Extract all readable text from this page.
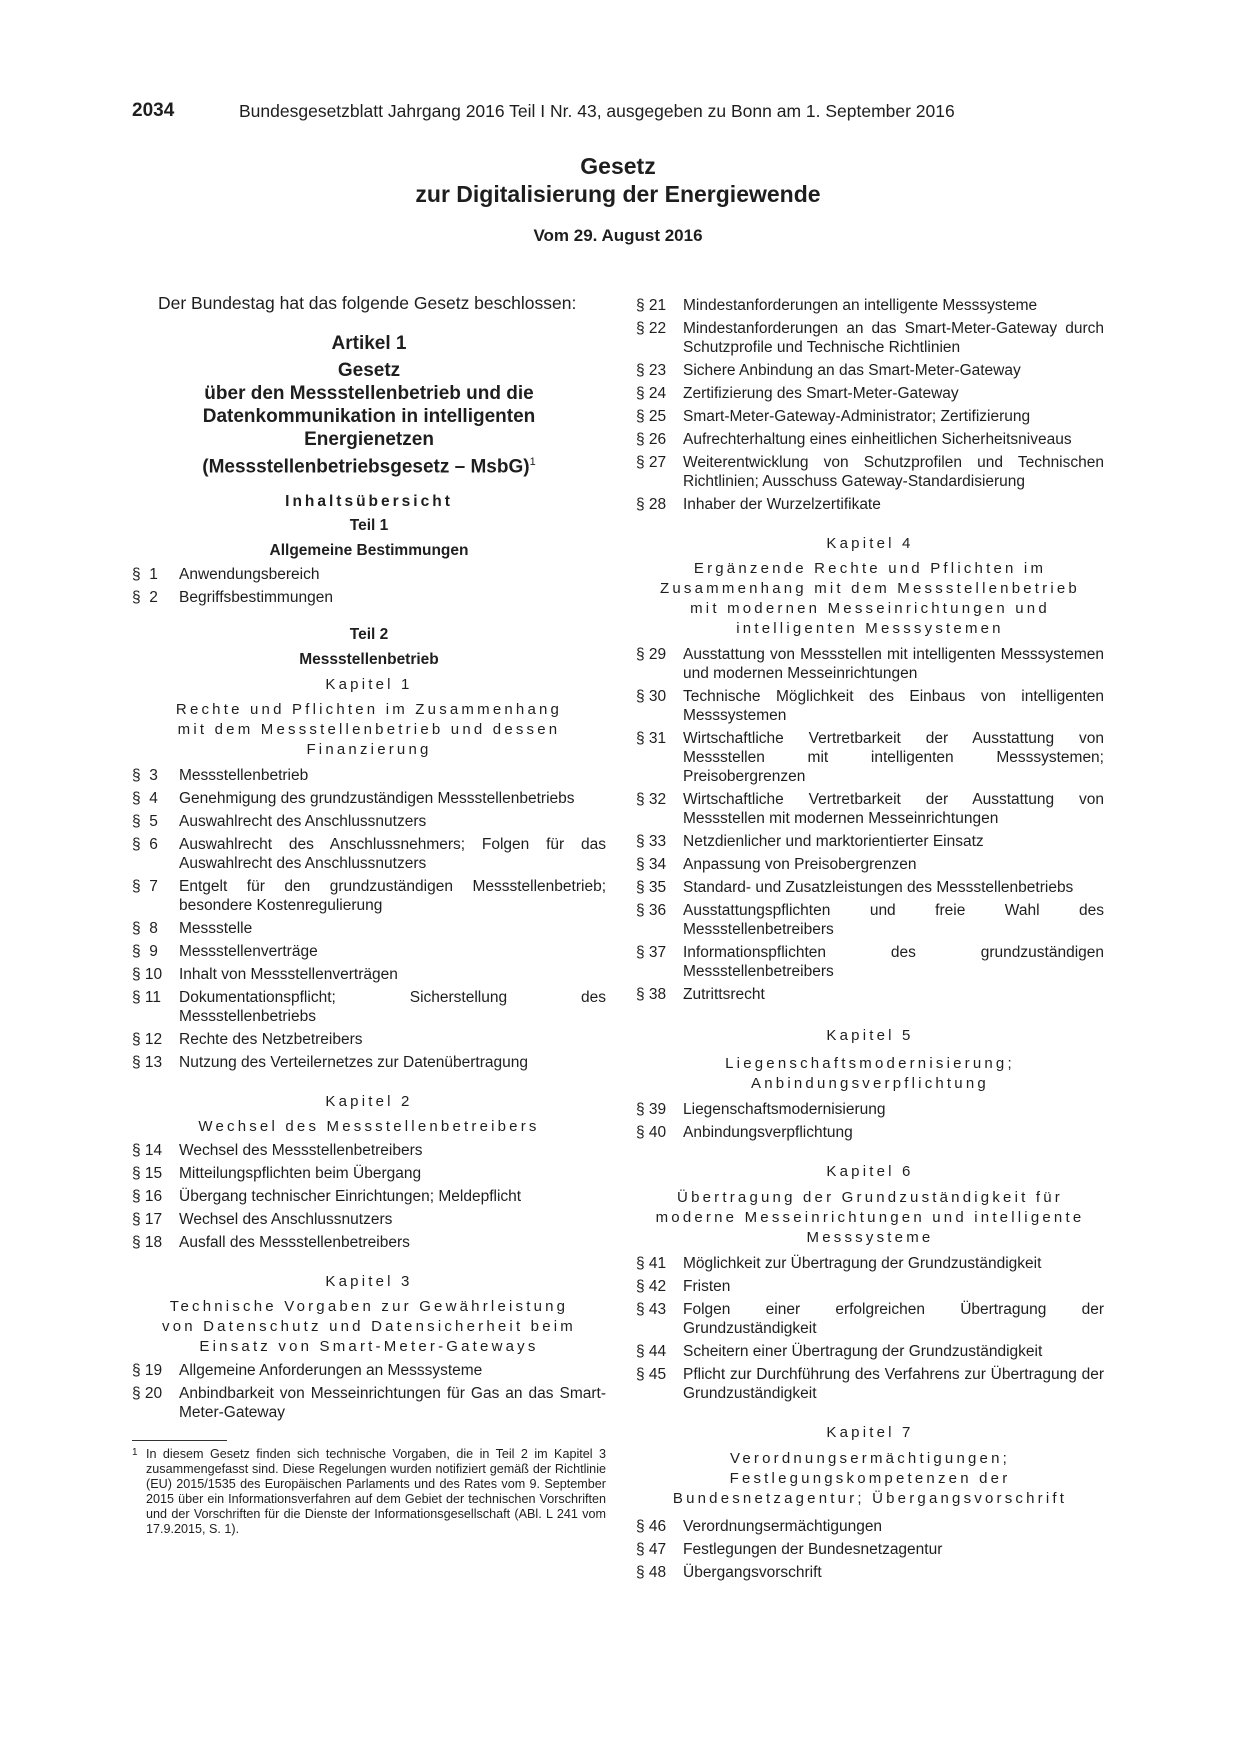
2034	Bundesgesetzblatt Jahrgang 2016 Teil I Nr. 43, ausgegeben zu Bonn am 1. September 2016
Gesetz
zur Digitalisierung der Energiewende
Vom 29. August 2016

Der Bundestag hat das folgende Gesetz beschlossen:

Artikel 1
Gesetz
über den Messstellenbetrieb und die Datenkommunikation in intelligenten Energienetzen
(Messstellenbetriebsgesetz – MsbG)$^1$
Inhaltsübersicht
Teil 1
Allgemeine Bestimmungen
§  1	Anwendungsbereich
§  2	Begriffsbestimmungen
Teil 2
Messstellenbetrieb
Kapitel 1
Rechte und Pflichten im Zusammenhang mit dem Messstellenbetrieb und dessen Finanzierung
§  3	Messstellenbetrieb
§  4	Genehmigung des grundzuständigen Messstellenbetriebs
§  5	Auswahlrecht des Anschlussnutzers
§  6	Auswahlrecht des Anschlussnehmers; Folgen für das Auswahlrecht des Anschlussnutzers
§  7	Entgelt für den grundzuständigen Messstellenbetrieb; besondere Kostenregulierung
§  8	Messstelle
§  9	Messstellenverträge
§ 10	Inhalt von Messstellenverträgen
§ 11	Dokumentationspflicht; Sicherstellung des Messstellenbetriebs
§ 12	Rechte des Netzbetreibers
§ 13	Nutzung des Verteilernetzes zur Datenübertragung
Kapitel 2
Wechsel des Messstellenbetreibers
§ 14	Wechsel des Messstellenbetreibers
§ 15	Mitteilungspflichten beim Übergang
§ 16	Übergang technischer Einrichtungen; Meldepflicht
§ 17	Wechsel des Anschlussnutzers
§ 18	Ausfall des Messstellenbetreibers
Kapitel 3
Technische Vorgaben zur Gewährleistung von Datenschutz und Datensicherheit beim Einsatz von Smart-Meter-Gateways
§ 19	Allgemeine Anforderungen an Messsysteme
§ 20	Anbindbarkeit von Messeinrichtungen für Gas an das Smart-Meter-Gateway
1 In diesem Gesetz finden sich technische Vorgaben, die in Teil 2 im Kapitel 3 zusammengefasst sind. Diese Regelungen wurden notifiziert gemäß der Richtlinie (EU) 2015/1535 des Europäischen Parlaments und des Rates vom 9. September 2015 über ein Informationsverfahren auf dem Gebiet der technischen Vorschriften und der Vorschriften für die Dienste der Informationsgesellschaft (ABl. L 241 vom 17.9.2015, S. 1).
§ 21	Mindestanforderungen an intelligente Messsysteme
§ 22	Mindestanforderungen an das Smart-Meter-Gateway durch Schutzprofile und Technische Richtlinien
§ 23	Sichere Anbindung an das Smart-Meter-Gateway
§ 24	Zertifizierung des Smart-Meter-Gateway
§ 25	Smart-Meter-Gateway-Administrator; Zertifizierung
§ 26	Aufrechterhaltung eines einheitlichen Sicherheitsniveaus
§ 27	Weiterentwicklung von Schutzprofilen und Technischen Richtlinien; Ausschuss Gateway-Standardisierung
§ 28	Inhaber der Wurzelzertifikate
Kapitel 4
Ergänzende Rechte und Pflichten im Zusammenhang mit dem Messstellenbetrieb mit modernen Messeinrichtungen und intelligenten Messsystemen
§ 29	Ausstattung von Messstellen mit intelligenten Messsystemen und modernen Messeinrichtungen
§ 30	Technische Möglichkeit des Einbaus von intelligenten Messsystemen
§ 31	Wirtschaftliche Vertretbarkeit der Ausstattung von Messstellen mit intelligenten Messsystemen; Preisobergrenzen
§ 32	Wirtschaftliche Vertretbarkeit der Ausstattung von Messstellen mit modernen Messeinrichtungen
§ 33	Netzdienlicher und marktorientierter Einsatz
§ 34	Anpassung von Preisobergrenzen
§ 35	Standard- und Zusatzleistungen des Messstellenbetriebs
§ 36	Ausstattungspflichten und freie Wahl des Messstellenbetreibers
§ 37	Informationspflichten des grundzuständigen Messstellenbetreibers
§ 38	Zutrittsrecht
Kapitel 5
Liegenschaftsmodernisierung; Anbindungsverpflichtung
§ 39	Liegenschaftsmodernisierung
§ 40	Anbindungsverpflichtung
Kapitel 6
Übertragung der Grundzuständigkeit für moderne Messeinrichtungen und intelligente Messsysteme
§ 41	Möglichkeit zur Übertragung der Grundzuständigkeit
§ 42	Fristen
§ 43	Folgen einer erfolgreichen Übertragung der Grundzuständigkeit
§ 44	Scheitern einer Übertragung der Grundzuständigkeit
§ 45	Pflicht zur Durchführung des Verfahrens zur Übertragung der Grundzuständigkeit
Kapitel 7
Verordnungsermächtigungen; Festlegungskompetenzen der Bundesnetzagentur; Übergangsvorschrift
§ 46	Verordnungsermächtigungen
§ 47	Festlegungen der Bundesnetzagentur
§ 48	Übergangsvorschrift
